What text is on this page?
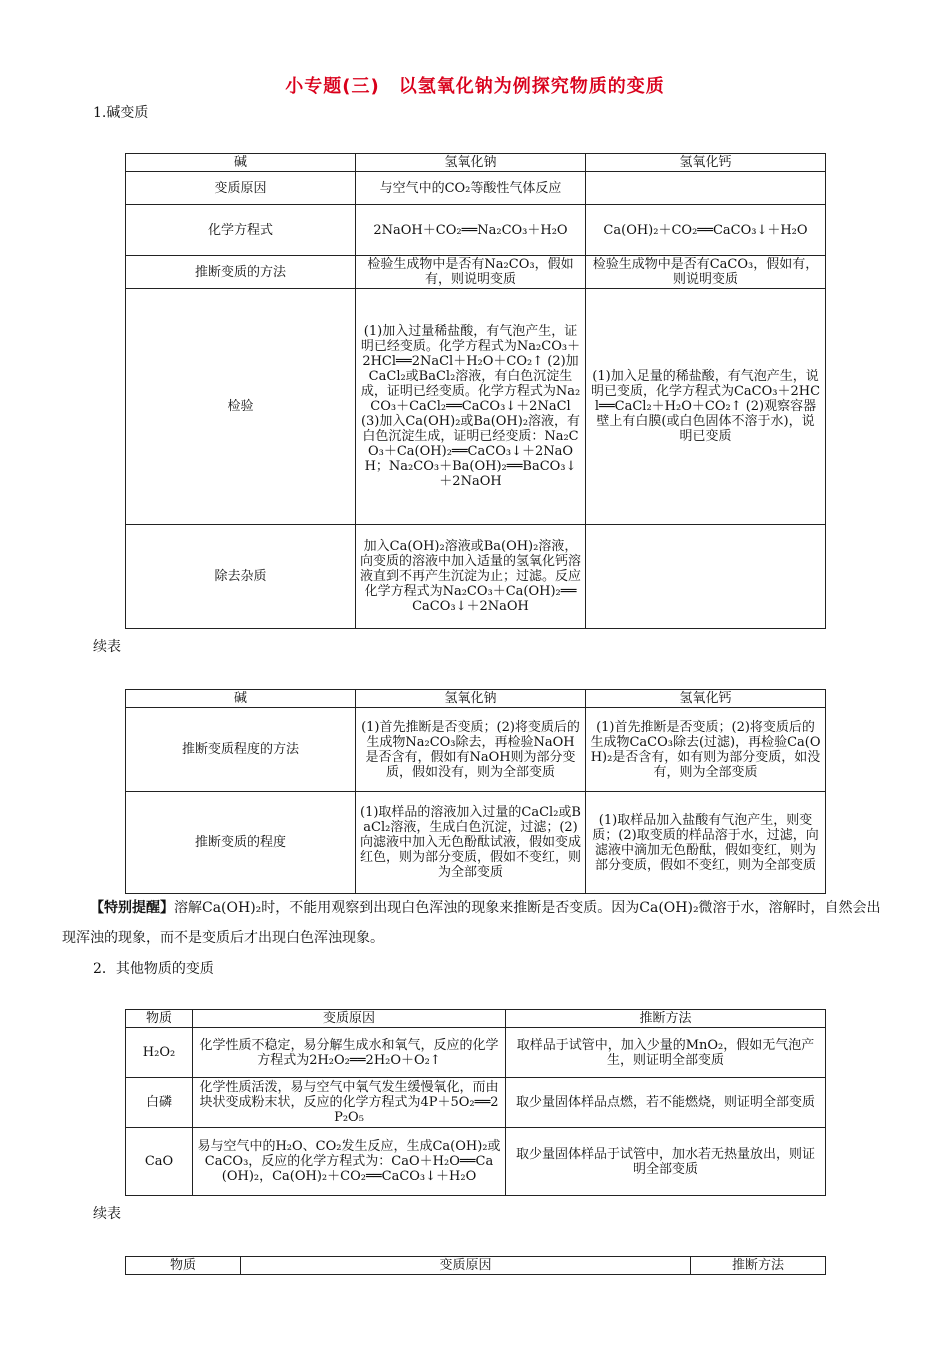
小专题(三)　以氢氧化钠为例探究物质的变质
1.碱变质
碱	氢氧化钠	氢氧化钙
变质原因	与空气中的CO₂等酸性气体反应	
化学方程式	2NaOH＋CO₂══Na₂CO₃＋H₂O	Ca(OH)₂＋CO₂══CaCO₃↓＋H₂O
推断变质的方法	检验生成物中是否有Na₂CO₃，假如有，则说明变质	检验生成物中是否有CaCO₃，假如有，则说明变质
检验	(1)加入过量稀盐酸，有气泡产生，证明已经变质。化学方程式为Na₂CO₃＋2HCl══2NaCl＋H₂O＋CO₂↑ (2)加CaCl₂或BaCl₂溶液，有白色沉淀生成，证明已经变质。化学方程式为Na₂CO₃＋CaCl₂══CaCO₃↓＋2NaCl (3)加入Ca(OH)₂或Ba(OH)₂溶液，有白色沉淀生成，证明已经变质：Na₂CO₃＋Ca(OH)₂══CaCO₃↓＋2NaOH；Na₂CO₃＋Ba(OH)₂══BaCO₃↓＋2NaOH	(1)加入足量的稀盐酸，有气泡产生，说明已变质，化学方程式为CaCO₃＋2HCl══CaCl₂＋H₂O＋CO₂↑ (2)观察容器壁上有白膜(或白色固体不溶于水)，说明已变质
除去杂质	加入Ca(OH)₂溶液或Ba(OH)₂溶液，向变质的溶液中加入适量的氢氧化钙溶液直到不再产生沉淀为止；过滤。反应化学方程式为Na₂CO₃＋Ca(OH)₂══CaCO₃↓＋2NaOH	
续表
碱	氢氧化钠	氢氧化钙
推断变质程度的方法	(1)首先推断是否变质；(2)将变质后的生成物Na₂CO₃除去，再检验NaOH是否含有，假如有NaOH则为部分变质，假如没有，则为全部变质	(1)首先推断是否变质；(2)将变质后的生成物CaCO₃除去(过滤)，再检验Ca(OH)₂是否含有，如有则为部分变质，如没有，则为全部变质
推断变质的程度	(1)取样品的溶液加入过量的CaCl₂或BaCl₂溶液，生成白色沉淀，过滤；(2)向滤液中加入无色酚酞试液，假如变成红色，则为部分变质，假如不变红，则为全部变质	(1)取样品加入盐酸有气泡产生，则变质；(2)取变质的样品溶于水，过滤，向滤液中滴加无色酚酞，假如变红，则为部分变质，假如不变红，则为全部变质
【特别提醒】溶解Ca(OH)₂时，不能用观察到出现白色浑浊的现象来推断是否变质。因为Ca(OH)₂微溶于水，溶解时，自然会出现浑浊的现象，而不是变质后才出现白色浑浊现象。
2．其他物质的变质
物质	变质原因	推断方法
H₂O₂	化学性质不稳定，易分解生成水和氧气，反应的化学方程式为2H₂O₂══2H₂O＋O₂↑	取样品于试管中，加入少量的MnO₂，假如无气泡产生，则证明全部变质
白磷	化学性质活泼，易与空气中氧气发生缓慢氧化，而由块状变成粉末状，反应的化学方程式为4P＋5O₂══2P₂O₅	取少量固体样品点燃，若不能燃烧，则证明全部变质
CaO	易与空气中的H₂O、CO₂发生反应，生成Ca(OH)₂或CaCO₃，反应的化学方程式为：CaO＋H₂O══Ca(OH)₂，Ca(OH)₂＋CO₂══CaCO₃↓＋H₂O	取少量固体样品于试管中，加水若无热量放出，则证明全部变质
续表
物质	变质原因	推断方法
